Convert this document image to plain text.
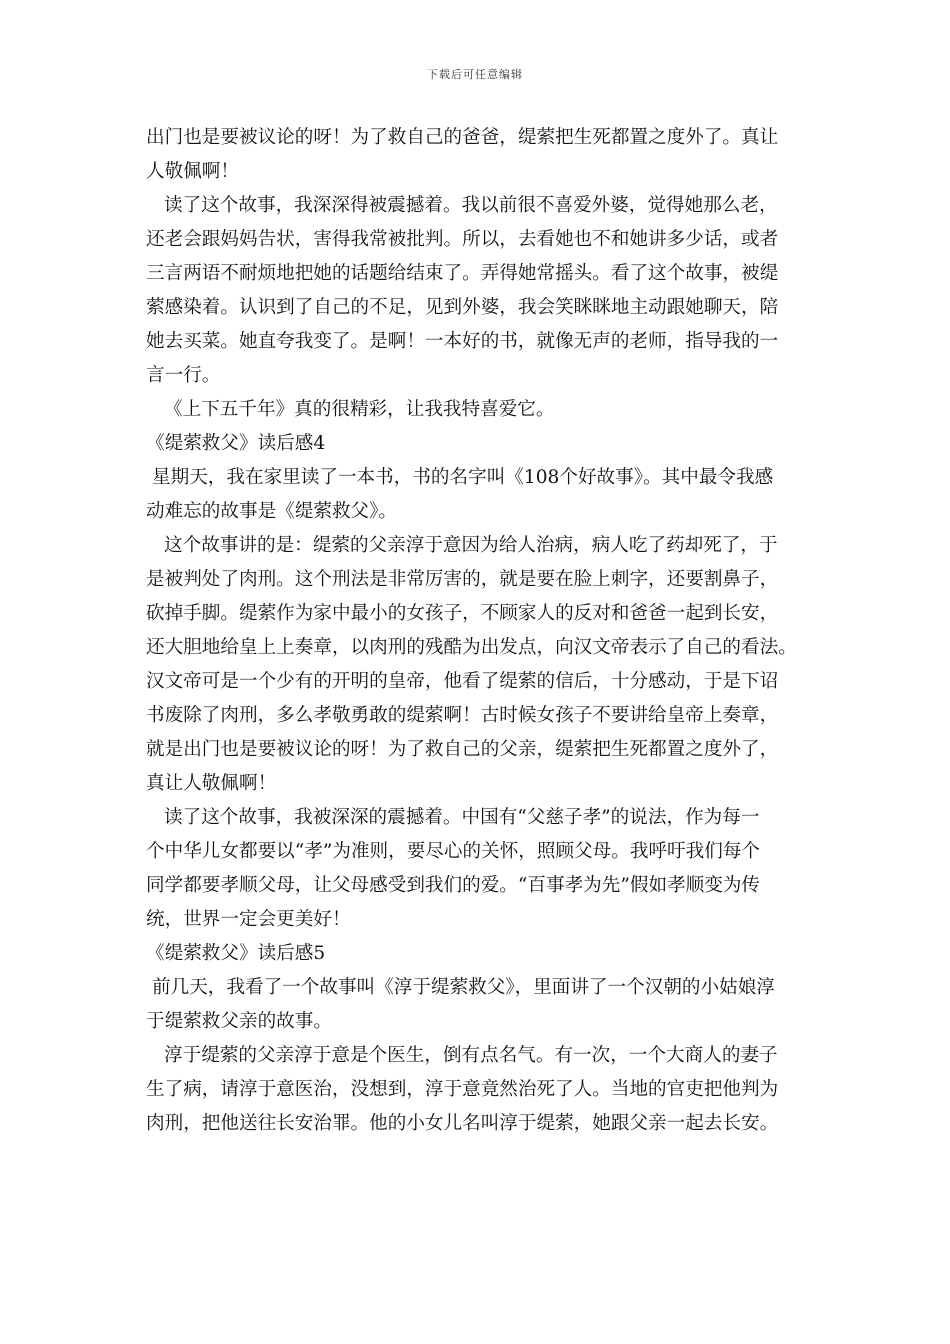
下载后可任意编辑
出门也是要被议论的呀！为了救自己的爸爸，缇萦把生死都置之度外了。真让
人敬佩啊！
读了这个故事，我深深得被震撼着。我以前很不喜爱外婆，觉得她那么老，
还老会跟妈妈告状，害得我常被批判。所以，去看她也不和她讲多少话，或者
三言两语不耐烦地把她的话题给结束了。弄得她常摇头。看了这个故事，被缇
萦感染着。认识到了自己的不足，见到外婆，我会笑眯眯地主动跟她聊天，陪
她去买菜。她直夸我变了。是啊！一本好的书，就像无声的老师，指导我的一
言一行。
《上下五千年》真的很精彩，让我我特喜爱它。
《缇萦救父》读后感4
星期天，我在家里读了一本书，书的名字叫《108个好故事》。其中最令我感
动难忘的故事是《缇萦救父》。
这个故事讲的是：缇萦的父亲淳于意因为给人治病，病人吃了药却死了，于
是被判处了肉刑。这个刑法是非常厉害的，就是要在脸上刺字，还要割鼻子，
砍掉手脚。缇萦作为家中最小的女孩子，不顾家人的反对和爸爸一起到长安，
还大胆地给皇上上奏章，以肉刑的残酷为出发点，向汉文帝表示了自己的看法。
汉文帝可是一个少有的开明的皇帝，他看了缇萦的信后，十分感动，于是下诏
书废除了肉刑，多么孝敬勇敢的缇萦啊！古时候女孩子不要讲给皇帝上奏章，
就是出门也是要被议论的呀！为了救自己的父亲，缇萦把生死都置之度外了，
真让人敬佩啊！
读了这个故事，我被深深的震撼着。中国有“父慈子孝”的说法，作为每一
个中华儿女都要以“孝”为准则，要尽心的关怀，照顾父母。我呼吁我们每个
同学都要孝顺父母，让父母感受到我们的爱。“百事孝为先”假如孝顺变为传
统，世界一定会更美好！
《缇萦救父》读后感5
前几天，我看了一个故事叫《淳于缇萦救父》，里面讲了一个汉朝的小姑娘淳
于缇萦救父亲的故事。
淳于缇萦的父亲淳于意是个医生，倒有点名气。有一次，一个大商人的妻子
生了病，请淳于意医治，没想到，淳于意竟然治死了人。当地的官吏把他判为
肉刑，把他送往长安治罪。他的小女儿名叫淳于缇萦，她跟父亲一起去长安。
